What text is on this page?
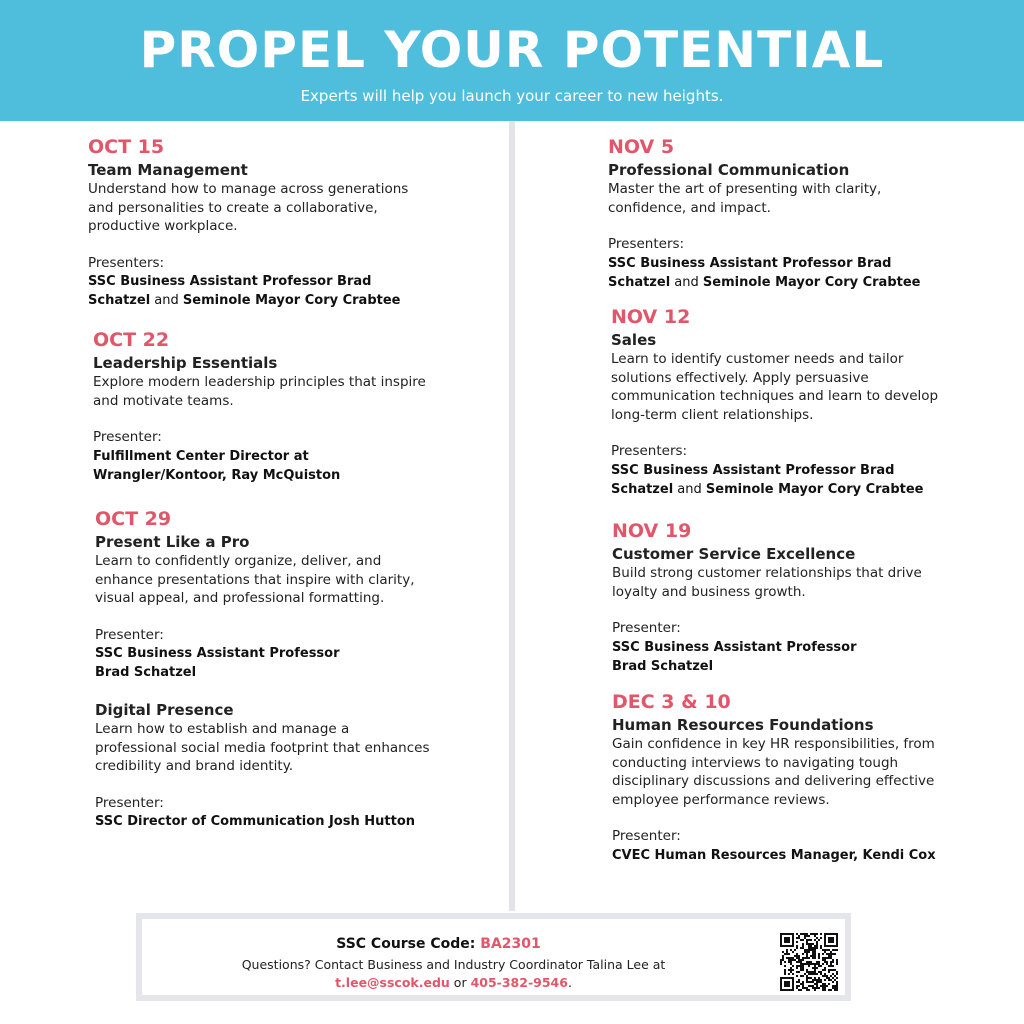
PROPEL YOUR POTENTIAL
Experts will help you launch your career to new heights.
OCT 15
Team Management
Understand how to manage across generations and personalities to create a collaborative, productive workplace.
Presenters:
SSC Business Assistant Professor Brad Schatzel and Seminole Mayor Cory Crabtee
OCT 22
Leadership Essentials
Explore modern leadership principles that inspire and motivate teams.
Presenter:
Fulfillment Center Director at
Wrangler/Kontoor, Ray McQuiston
OCT 29
Present Like a Pro
Learn to confidently organize, deliver, and enhance presentations that inspire with clarity, visual appeal, and professional formatting.
Presenter:
SSC Business Assistant Professor
Brad Schatzel
Digital Presence
Learn how to establish and manage a professional social media footprint that enhances credibility and brand identity.
Presenter:
SSC Director of Communication Josh Hutton
NOV 5
Professional Communication
Master the art of presenting with clarity, confidence, and impact.
Presenters:
SSC Business Assistant Professor Brad Schatzel and Seminole Mayor Cory Crabtee
NOV 12
Sales
Learn to identify customer needs and tailor solutions effectively. Apply persuasive communication techniques and learn to develop long-term client relationships.
Presenters:
SSC Business Assistant Professor Brad Schatzel and Seminole Mayor Cory Crabtee
NOV 19
Customer Service Excellence
Build strong customer relationships that drive loyalty and business growth.
Presenter:
SSC Business Assistant Professor
Brad Schatzel
DEC 3 & 10
Human Resources Foundations
Gain confidence in key HR responsibilities, from conducting interviews to navigating tough disciplinary discussions and delivering effective employee performance reviews.
Presenter:
CVEC Human Resources Manager, Kendi Cox
SSC Course Code: BA2301
Questions? Contact Business and Industry Coordinator Talina Lee at
t.lee@sscok.edu or 405-382-9546.
